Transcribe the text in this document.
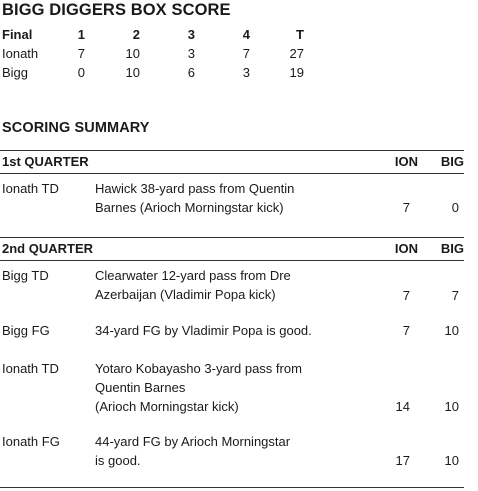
BIGG DIGGERS BOX SCORE
Final	1	2	3	4	T
Ionath	7	10	3	7	27
Bigg	0	10	6	3	19
SCORING SUMMARY
1st QUARTER	ION	BIG
Ionath TD	Hawick 38-yard pass from Quentin
Barnes (Arioch Morningstar kick)	7	0
2nd QUARTER	ION	BIG
Bigg TD	Clearwater 12-yard pass from Dre
Azerbaijan (Vladimir Popa kick)	7	7
Bigg FG	34-yard FG by Vladimir Popa is good.	7	10
Ionath TD	Yotaro Kobayasho 3-yard pass from
Quentin Barnes
(Arioch Morningstar kick)	14	10
Ionath FG	44-yard FG by Arioch Morningstar
is good.	17	10
